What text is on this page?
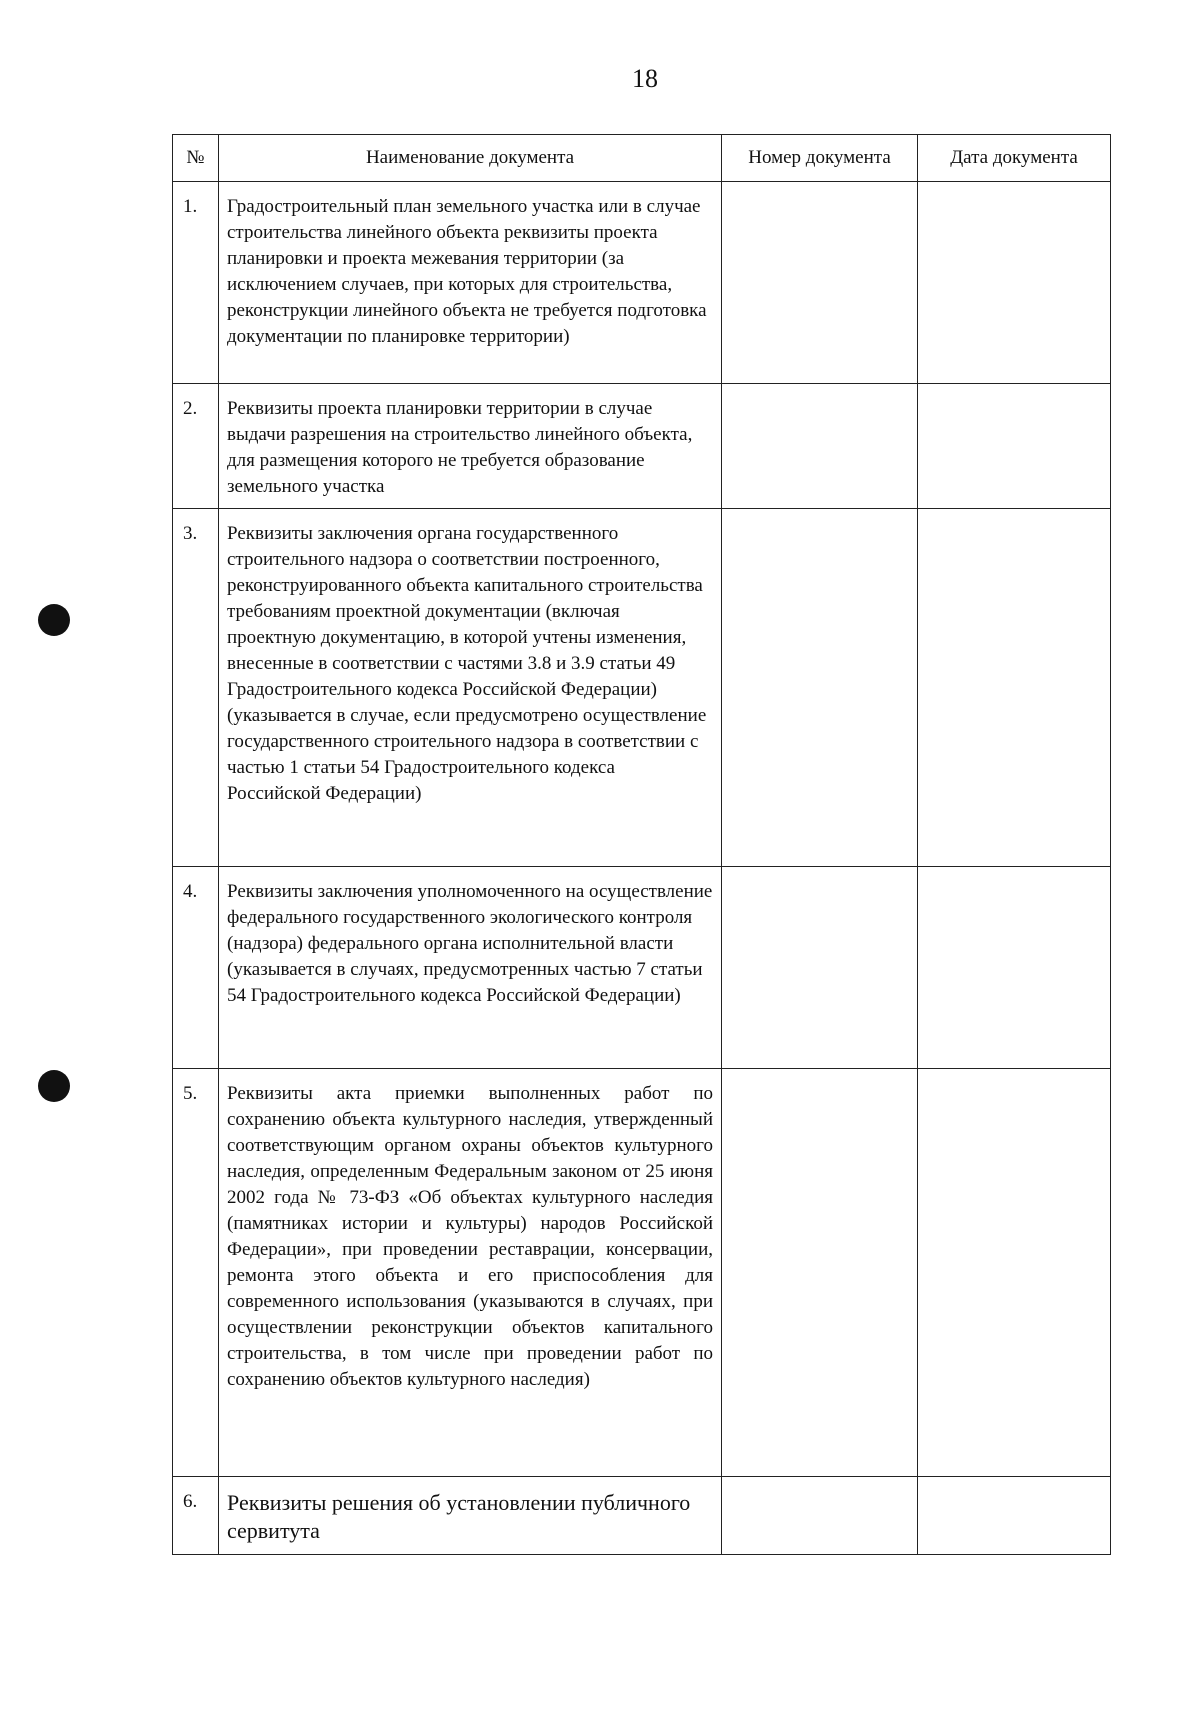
18
№	Наименование документа	Номер документа	Дата документа
1.	Градостроительный план земельного участка или в случае строительства линейного объекта реквизиты проекта планировки и проекта межевания территории (за исключением случаев, при которых для строительства, реконструкции линейного объекта не требуется подготовка документации по планировке территории)		
2.	Реквизиты проекта планировки территории в случае выдачи разрешения на строительство линейного объекта, для размещения которого не требуется образование земельного участка		
3.	Реквизиты заключения органа государственного строительного надзора о соответствии построенного, реконструированного объекта капитального строительства требованиям проектной документации (включая проектную документацию, в которой учтены изменения, внесенные в соответствии с частями 3.8 и 3.9 статьи 49 Градостроительного кодекса Российской Федерации) (указывается в случае, если предусмотрено осуществление государственного строительного надзора в соответствии с частью 1 статьи 54 Градостроительного кодекса Российской Федерации)		
4.	Реквизиты заключения уполномоченного на осуществление федерального государственного экологического контроля (надзора) федерального органа исполнительной власти (указывается в случаях, предусмотренных частью 7 статьи 54 Градостроительного кодекса Российской Федерации)		
5.	Реквизиты акта приемки выполненных работ по сохранению объекта культурного наследия, утвержденный соответствующим органом охраны объектов культурного наследия, определенным Федеральным законом от 25 июня 2002 года № 73-ФЗ «Об объектах культурного наследия (памятниках истории и культуры) народов Российской Федерации», при проведении реставрации, консервации, ремонта этого объекта и его приспособления для современного использования (указываются в случаях, при осуществлении реконструкции объектов капитального строительства, в том числе при проведении работ по сохранению объектов культурного наследия)		
6.	Реквизиты решения об установлении публичного сервитута		
